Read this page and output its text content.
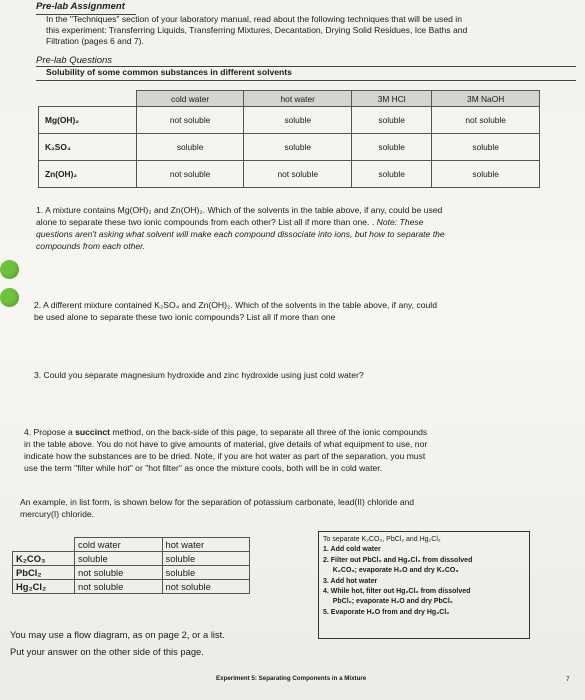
Pre-lab Assignment
In the "Techniques" section of your laboratory manual, read about the following techniques that will be used in
this experiment: Transferring Liquids, Transferring Mixtures, Decantation, Drying Solid Residues, Ice Baths and
Filtration (pages 6 and 7).
Pre-lab Questions
Solubility of some common substances in different solvents
	cold water	hot water	3M HCl	3M NaOH
Mg(OH)₂	not soluble	soluble	soluble	not soluble
K₂SO₄	soluble	soluble	soluble	soluble
Zn(OH)₂	not soluble	not soluble	soluble	soluble
1. A mixture contains Mg(OH)₂ and Zn(OH)₂. Which of the solvents in the table above, if any, could be used
alone to separate these two ionic compounds from each other? List all if more than one. . Note: These
questions aren't asking what solvent will make each compound dissociate into ions, but how to separate the
compounds from each other.
2. A different mixture contained K₂SO₄ and Zn(OH)₂. Which of the solvents in the table above, if any, could
be used alone to separate these two ionic compounds? List all if more than one
3. Could you separate magnesium hydroxide and zinc hydroxide using just cold water?
4. Propose a succinct method, on the back-side of this page, to separate all three of the ionic compounds
in the table above. You do not have to give amounts of material, give details of what equipment to use, nor
indicate how the substances are to be dried. Note, if you are hot water as part of the separation, you must
use the term "filter while hot" or "hot filter" as once the mixture cools, both will be in cold water.
An example, in list form, is shown below for the separation of potassium carbonate, lead(II) chloride and
mercury(I) chloride.
	cold water	hot water
K₂CO₃	soluble	soluble
PbCl₂	not soluble	soluble
Hg₂Cl₂	not soluble	not soluble
To separate K₂CO₃, PbCl₂ and Hg₂Cl₂
1. Add cold water
2. Filter out PbCl₂ and Hg₂Cl₂ from dissolved
K₂CO₃; evaporate H₂O and dry K₂CO₃
3. Add hot water
4. While hot, filter out Hg₂Cl₂ from dissolved
PbCl₂; evaporate H₂O and dry PbCl₂
5. Evaporate H₂O from and dry Hg₂Cl₂
You may use a flow diagram, as on page 2, or a list.
Put your answer on the other side of this page.
Experiment 5: Separating Components in a Mixture	7
